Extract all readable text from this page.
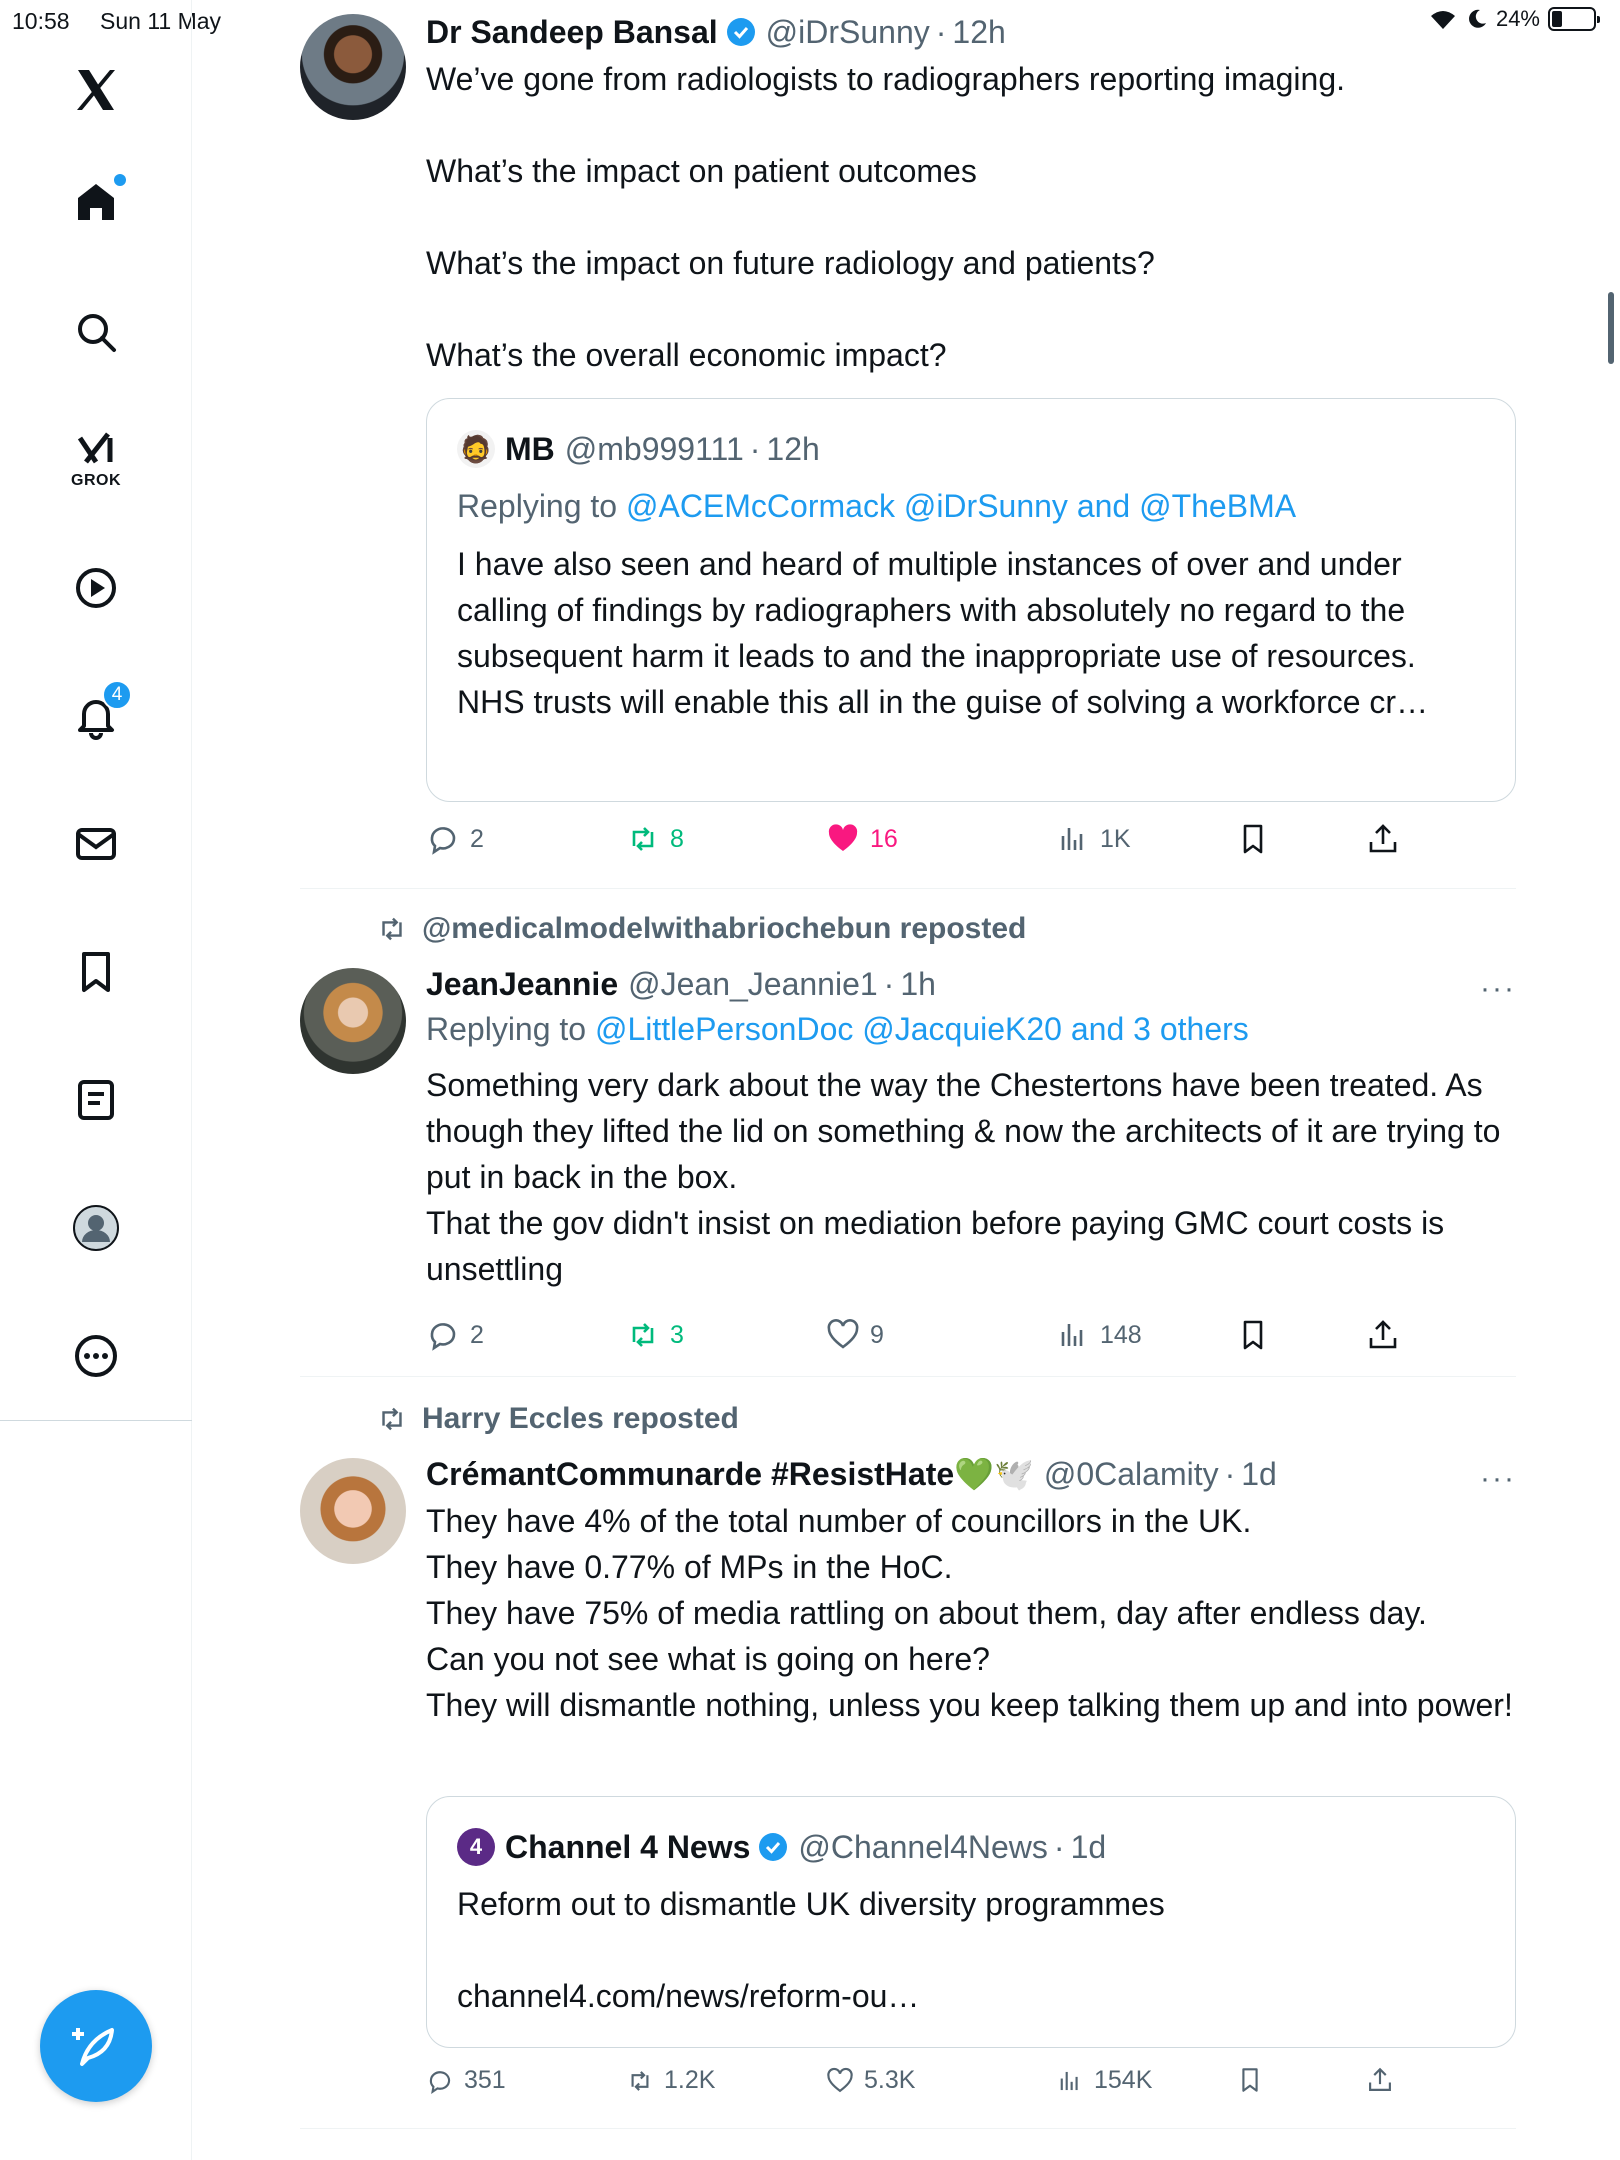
10:58 Sun 11 May	24%
GROK
4
Dr Sandeep Bansal @iDrSunny · 12h
We’ve gone from radiologists to radiographers reporting imaging.

What’s the impact on patient outcomes

What’s the impact on future radiology and patients?

What’s the overall economic impact?
🧔 MB @mb999111 · 12h
Replying to @ACEMcCormack @iDrSunny and @TheBMA
I have also seen and heard of multiple instances of over and under calling of findings by radiographers with absolutely no regard to the subsequent harm it leads to and the inappropriate use of resources.
NHS trusts will enable this all in the guise of solving a workforce cr…
2	8	16	1K
@medicalmodelwithabriochebun reposted
···
JeanJeannie @Jean_Jeannie1 · 1h
Replying to @LittlePersonDoc @JacquieK20 and 3 others
Something very dark about the way the Chestertons have been treated. As though they lifted the lid on something & now the architects of it are trying to put in back in the box.
That the gov didn't insist on mediation before paying GMC court costs is unsettling
2	3	9	148
Harry Eccles reposted
···
CrémantCommunarde #ResistHate💚🕊️ @0Calamity · 1d
They have 4% of the total number of councillors in the UK.
They have 0.77% of MPs in the HoC.
They have 75% of media rattling on about them, day after endless day.
Can you not see what is going on here?
They will dismantle nothing, unless you keep talking them up and into power!
4 Channel 4 News @Channel4News · 1d
Reform out to dismantle UK diversity programmes

channel4.com/news/reform-ou…
351	1.2K	5.3K	154K
